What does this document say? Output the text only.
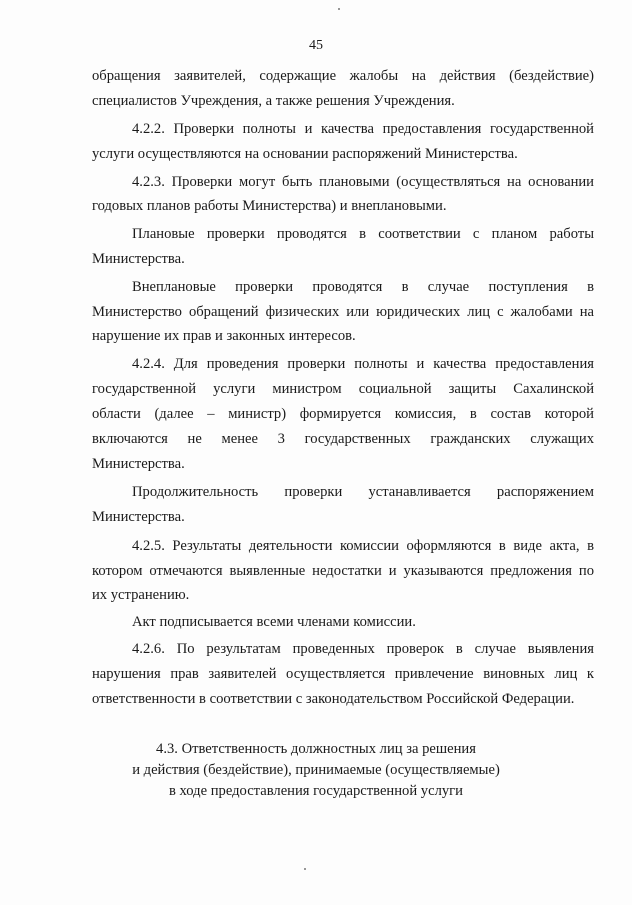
45
обращения заявителей, содержащие жалобы на действия (бездействие)
специалистов Учреждения, а также решения Учреждения.
4.2.2. Проверки полноты и качества предоставления государственной
услуги осуществляются на основании распоряжений Министерства.
4.2.3. Проверки могут быть плановыми (осуществляться на основании
годовых планов работы Министерства) и внеплановыми.
Плановые проверки проводятся в соответствии с планом работы
Министерства.
Внеплановые проверки проводятся в случае поступления в
Министерство обращений физических или юридических лиц с жалобами на
нарушение их прав и законных интересов.
4.2.4. Для проведения проверки полноты и качества предоставления
государственной услуги министром социальной защиты Сахалинской
области (далее – министр) формируется комиссия, в состав которой
включаются не менее 3 государственных гражданских служащих
Министерства.
Продолжительность проверки устанавливается распоряжением
Министерства.
4.2.5. Результаты деятельности комиссии оформляются в виде акта, в
котором отмечаются выявленные недостатки и указываются предложения по
их устранению.
Акт подписывается всеми членами комиссии.
4.2.6. По результатам проведенных проверок в случае выявления
нарушения прав заявителей осуществляется привлечение виновных лиц к
ответственности в соответствии с законодательством Российской Федерации.
4.3. Ответственность должностных лиц за решения
и действия (бездействие), принимаемые (осуществляемые)
в ходе предоставления государственной услуги
